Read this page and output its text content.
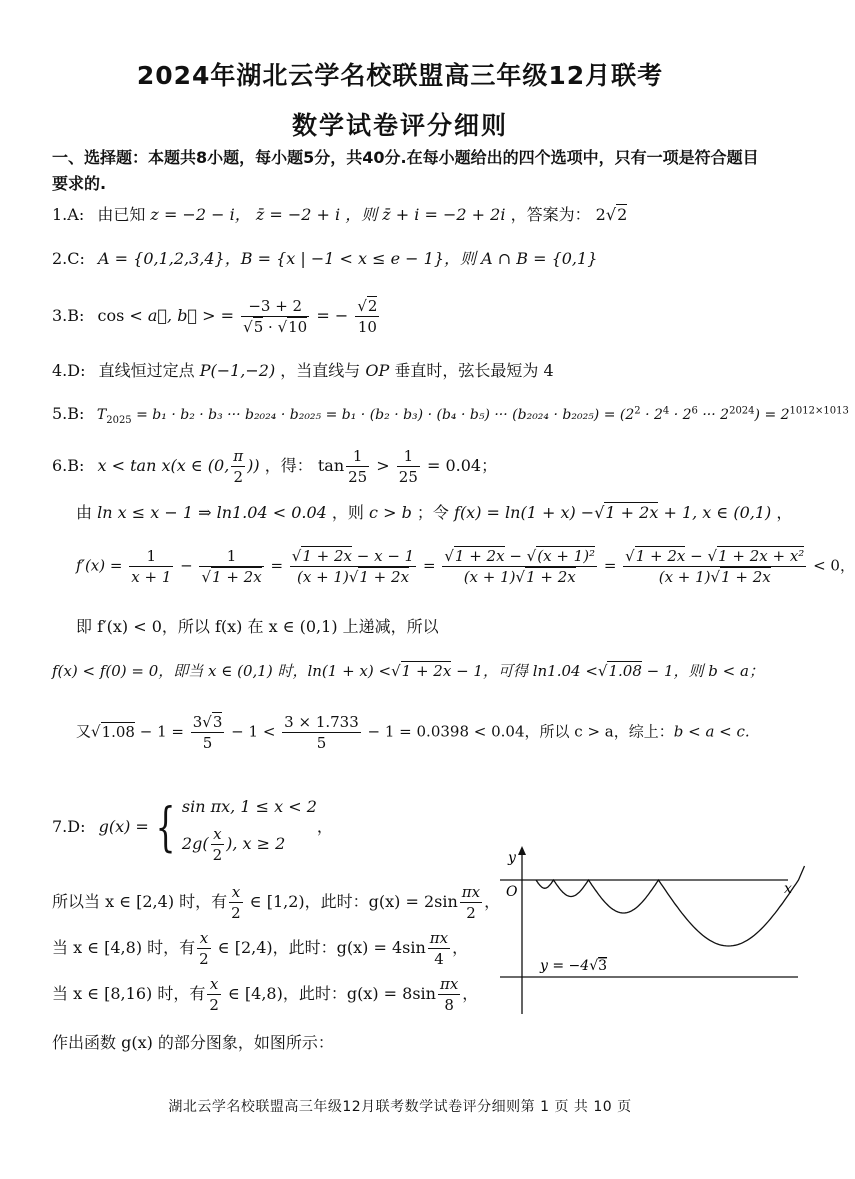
2024年湖北云学名校联盟高三年级12月联考
数学试卷评分细则
一、选择题：本题共8小题，每小题5分，共40分.在每小题给出的四个选项中，只有一项是符合题目要求的.
1.A: 由已知 z = −2 − i， z̄ = −2 + i ，则 z̄ + i = −2 + 2i ，答案为： 2√2
2.C: A = {0,1,2,3,4}，B = {x | −1 < x ≤ e − 1}，则 A ∩ B = {0,1}
3.B: cos < a⃗, b⃗ > = $\frac{-3 + 2}{√5 \cdot √10}$ = − $\frac{√2}{10}$
4.D: 直线恒过定点 P(−1,−2) ，当直线与 OP 垂直时，弦长最短为 4
5.B: $T_{2025} = b_1 \cdot b_2 \cdot b_3$ ··· b₂₀₂₄ · b₂₀₂₅ = b₁ · (b₂ · b₃) · (b₄ · b₅) ··· $(b_{2024} \cdot b_{2025}) = (2^2 \cdot 2^4 \cdot 2^6$ ··· $2^{2024}) = 2^{1012\times 1013}$
6.B: x < tan x(x ∈ (0, $\frac{\pi}{2}$ )) ，得： $\tan \frac{1}{25} > \frac{1}{25} = 0.04$；
由 ln x ≤ x − 1 ⇒ ln1.04 < 0.04 ，则 c > b ；令 f(x) = ln(1 + x) −√1 + 2x + 1, x ∈ (0,1) ，
$f'(x) = \frac{1}{x + 1} - \frac{1}{√1 + 2x} = \frac{√1 + 2x - x - 1}{(x + 1)√1 + 2x} = \frac{\text{√1 + 2x − √(x + 1)²}}{(x + 1)√1 + 2x} = \frac{\text{√1 + 2x − √1 + 2x + x²}}{(x + 1)√1 + 2x} < 0$，
即 f′(x) < 0，所以 f(x) 在 x ∈ (0,1) 上递减，所以
f(x) < f(0) = 0，即当 x ∈ (0,1) 时，ln(1 + x) <√1 + 2x − 1，可得 ln1.04 <√1.08 − 1，则 b < a；
又$√1.08 - 1 = \frac{3√3}{5} - 1 < \frac{3 \times 1.733}{5} - 1 = 0.0398 < 0.04$，所以 c > a，综上：b < a < c.
7.D: g(x) = { sin πx, 1 ≤ x < 2
$2g( \frac{x}{2}$ ), x ≥ 2
，
所以当 x ∈ [2,4) 时，有 $\frac{x}{2}$ ∈ [1,2)，此时：$g(x) = 2\sin \frac{\pi x}{2}$ ，
当 x ∈ [4,8) 时，有 $\frac{x}{2}$ ∈ [2,4)，此时：$g(x) = 4\sin \frac{\pi x}{4}$ ，
当 x ∈ [8,16) 时，有 $\frac{x}{2}$ ∈ [4,8)，此时：$g(x) = 8\sin \frac{\pi x}{8}$ ，
作出函数 g(x) 的部分图象，如图所示：
y
x
O
y = −4√3
湖北云学名校联盟高三年级12月联考数学试卷评分细则第 1 页 共 10 页
